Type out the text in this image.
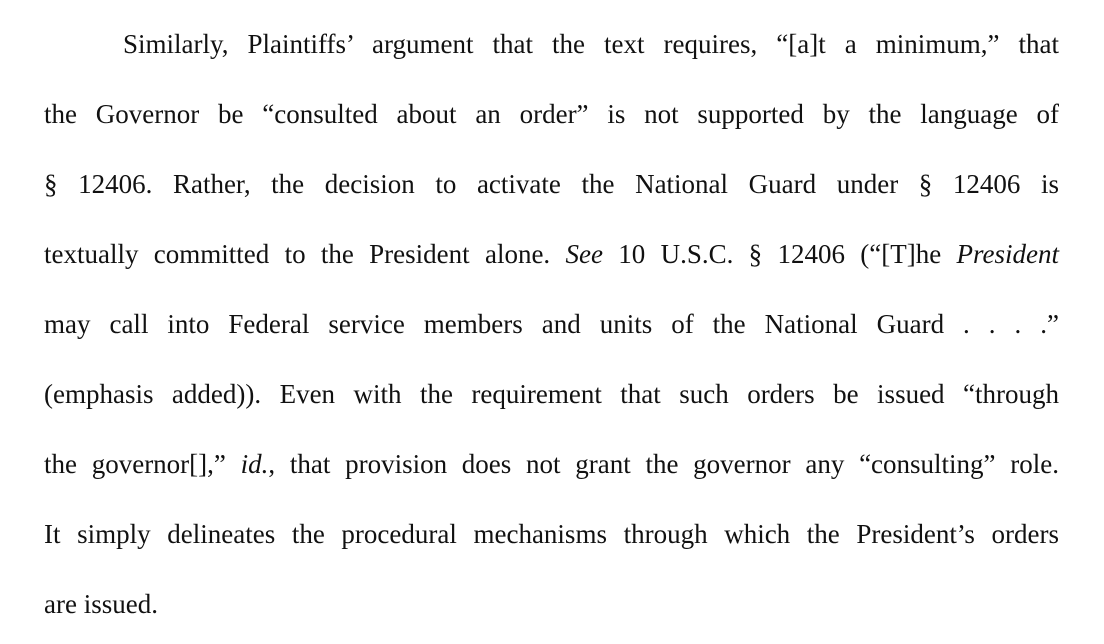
Similarly, Plaintiffs’ argument that the text requires, “[a]t a minimum,” that
the Governor be “consulted about an order” is not supported by the language of
§ 12406. Rather, the decision to activate the National Guard under § 12406 is
textually committed to the President alone. See 10 U.S.C. § 12406 (“[T]he President
may call into Federal service members and units of the National Guard . . . .”
(emphasis added)). Even with the requirement that such orders be issued “through
the governor[],” id., that provision does not grant the governor any “consulting” role.
It simply delineates the procedural mechanisms through which the President’s orders
are issued.
